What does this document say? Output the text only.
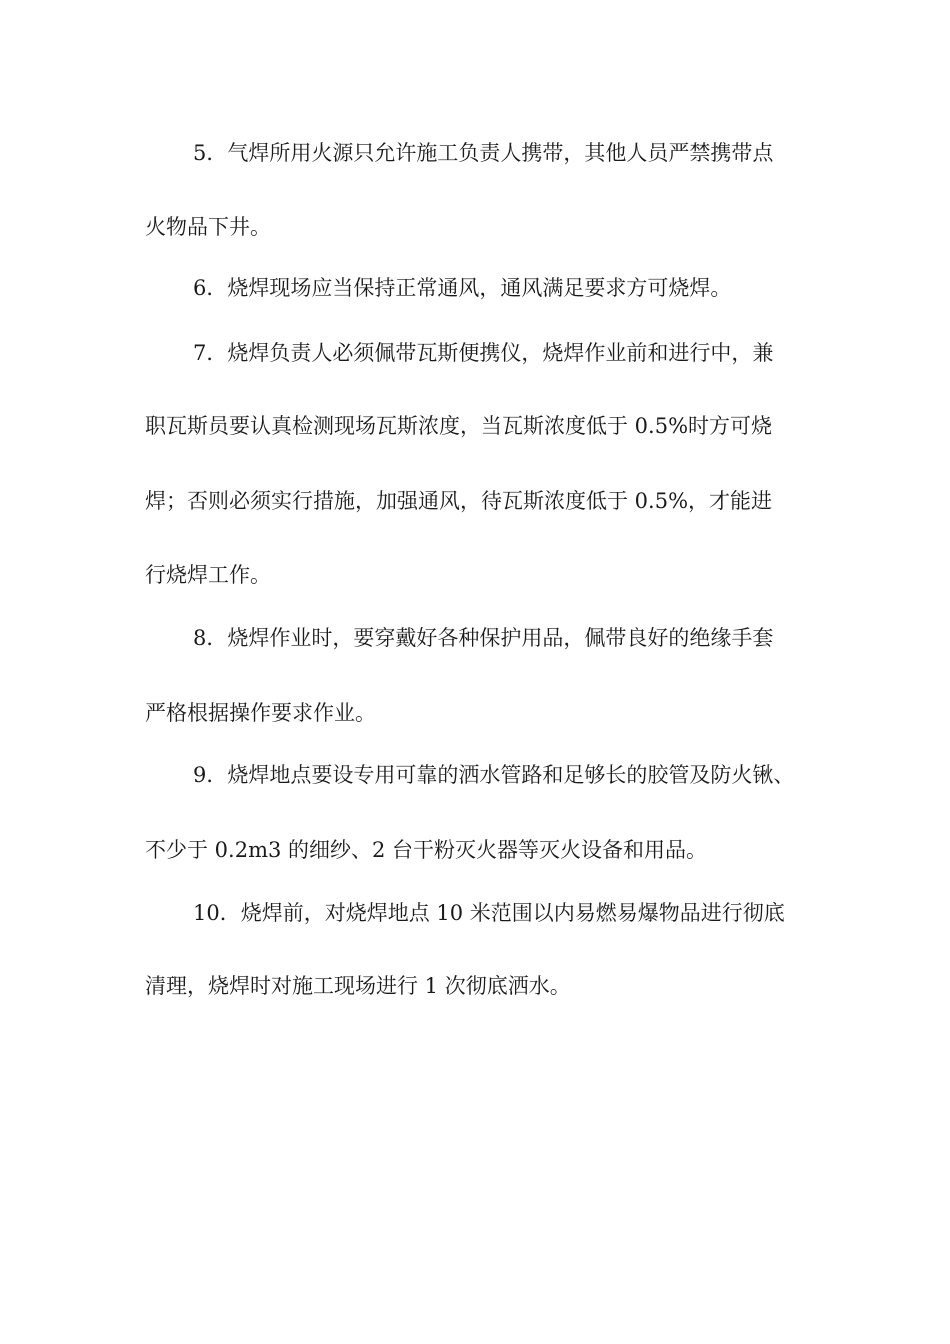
5．气焊所用火源只允许施工负责人携带，其他人员严禁携带点
火物品下井。
6．烧焊现场应当保持正常通风，通风满足要求方可烧焊。
7．烧焊负责人必须佩带瓦斯便携仪，烧焊作业前和进行中，兼
职瓦斯员要认真检测现场瓦斯浓度，当瓦斯浓度低于 0.5%时方可烧
焊；否则必须实行措施，加强通风，待瓦斯浓度低于 0.5%，才能进
行烧焊工作。
8．烧焊作业时，要穿戴好各种保护用品，佩带良好的绝缘手套
严格根据操作要求作业。
9．烧焊地点要设专用可靠的洒水管路和足够长的胶管及防火锹、
不少于 0.2m3 的细纱、2 台干粉灭火器等灭火设备和用品。
10．烧焊前，对烧焊地点 10 米范围以内易燃易爆物品进行彻底
清理，烧焊时对施工现场进行 1 次彻底洒水。
